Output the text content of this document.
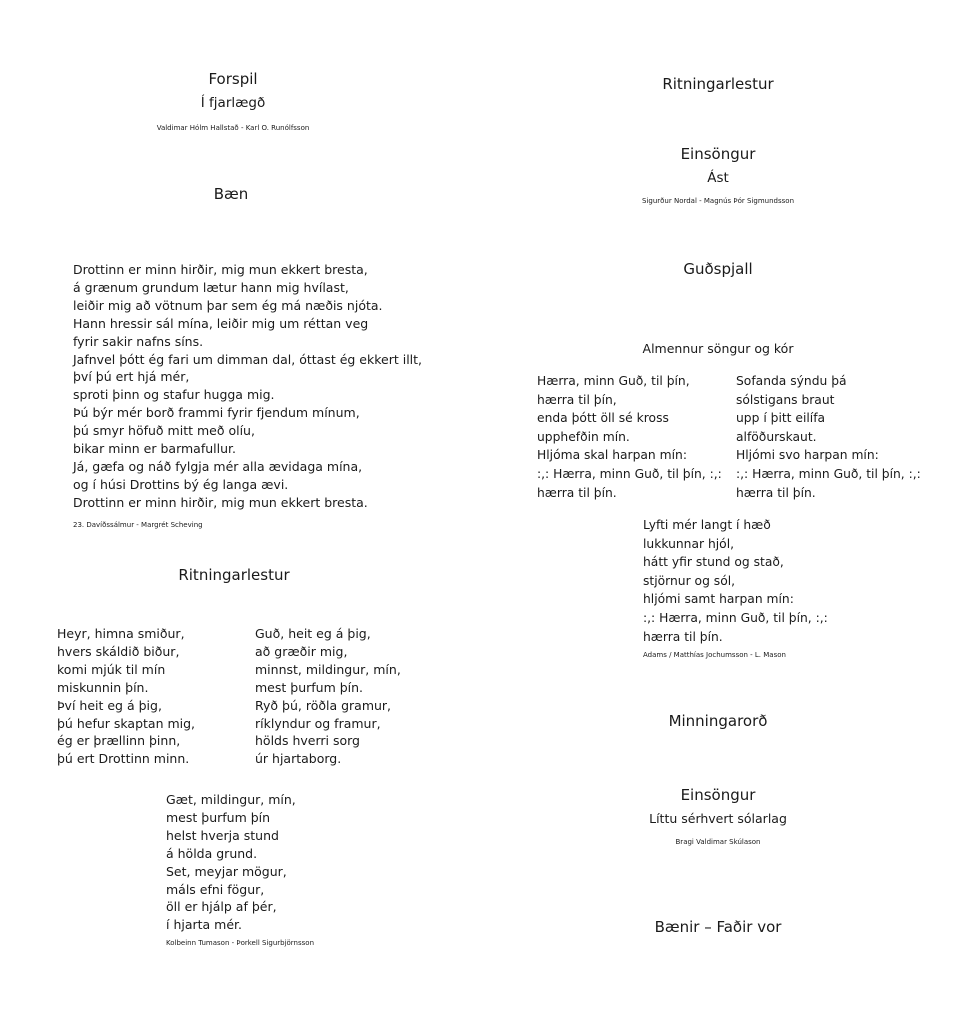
Forspil
Í fjarlægð
Valdimar Hólm Hallstað - Karl O. Runólfsson
Bæn
Drottinn er minn hirðir, mig mun ekkert bresta,
á grænum grundum lætur hann mig hvílast,
leiðir mig að vötnum þar sem ég má næðis njóta.
Hann hressir sál mína, leiðir mig um réttan veg
fyrir sakir nafns síns.
Jafnvel þótt ég fari um dimman dal, óttast ég ekkert illt,
því þú ert hjá mér,
sproti þinn og stafur hugga mig.
Þú býr mér borð frammi fyrir fjendum mínum,
þú smyr höfuð mitt með olíu,
bikar minn er barmafullur.
Já, gæfa og náð fylgja mér alla ævidaga mína,
og í húsi Drottins bý ég langa ævi.
Drottinn er minn hirðir, mig mun ekkert bresta.
23. Davíðssálmur - Margrét Scheving
Ritningarlestur
Heyr, himna smiður,
hvers skáldið biður,
komi mjúk til mín
miskunnin þín.
Því heit eg á þig,
þú hefur skaptan mig,
ég er þrællinn þinn,
þú ert Drottinn minn.
Guð, heit eg á þig,
að græðir mig,
minnst, mildingur, mín,
mest þurfum þín.
Ryð þú, röðla gramur,
ríklyndur og framur,
hölds hverri sorg
úr hjartaborg.
Gæt, mildingur, mín,
mest þurfum þín
helst hverja stund
á hölda grund.
Set, meyjar mögur,
máls efni fögur,
öll er hjálp af þér,
í hjarta mér.
Kolbeinn Tumason - Þorkell Sigurbjörnsson
Ritningarlestur
Einsöngur
Ást
Sigurður Nordal - Magnús Þór Sigmundsson
Guðspjall
Almennur söngur og kór
Hærra, minn Guð, til þín,
hærra til þín,
enda þótt öll sé kross
upphefðin mín.
Hljóma skal harpan mín:
:,: Hærra, minn Guð, til þín, :,:
hærra til þín.
Sofanda sýndu þá
sólstigans braut
upp í þitt eilífa
alföðurskaut.
Hljómi svo harpan mín:
:,: Hærra, minn Guð, til þín, :,:
hærra til þín.
Lyfti mér langt í hæð
lukkunnar hjól,
hátt yfir stund og stað,
stjörnur og sól,
hljómi samt harpan mín:
:,: Hærra, minn Guð, til þín, :,:
hærra til þín.
Adams / Matthías Jochumsson - L. Mason
Minningarorð
Einsöngur
Líttu sérhvert sólarlag
Bragi Valdimar Skúlason
Bænir – Faðir vor
